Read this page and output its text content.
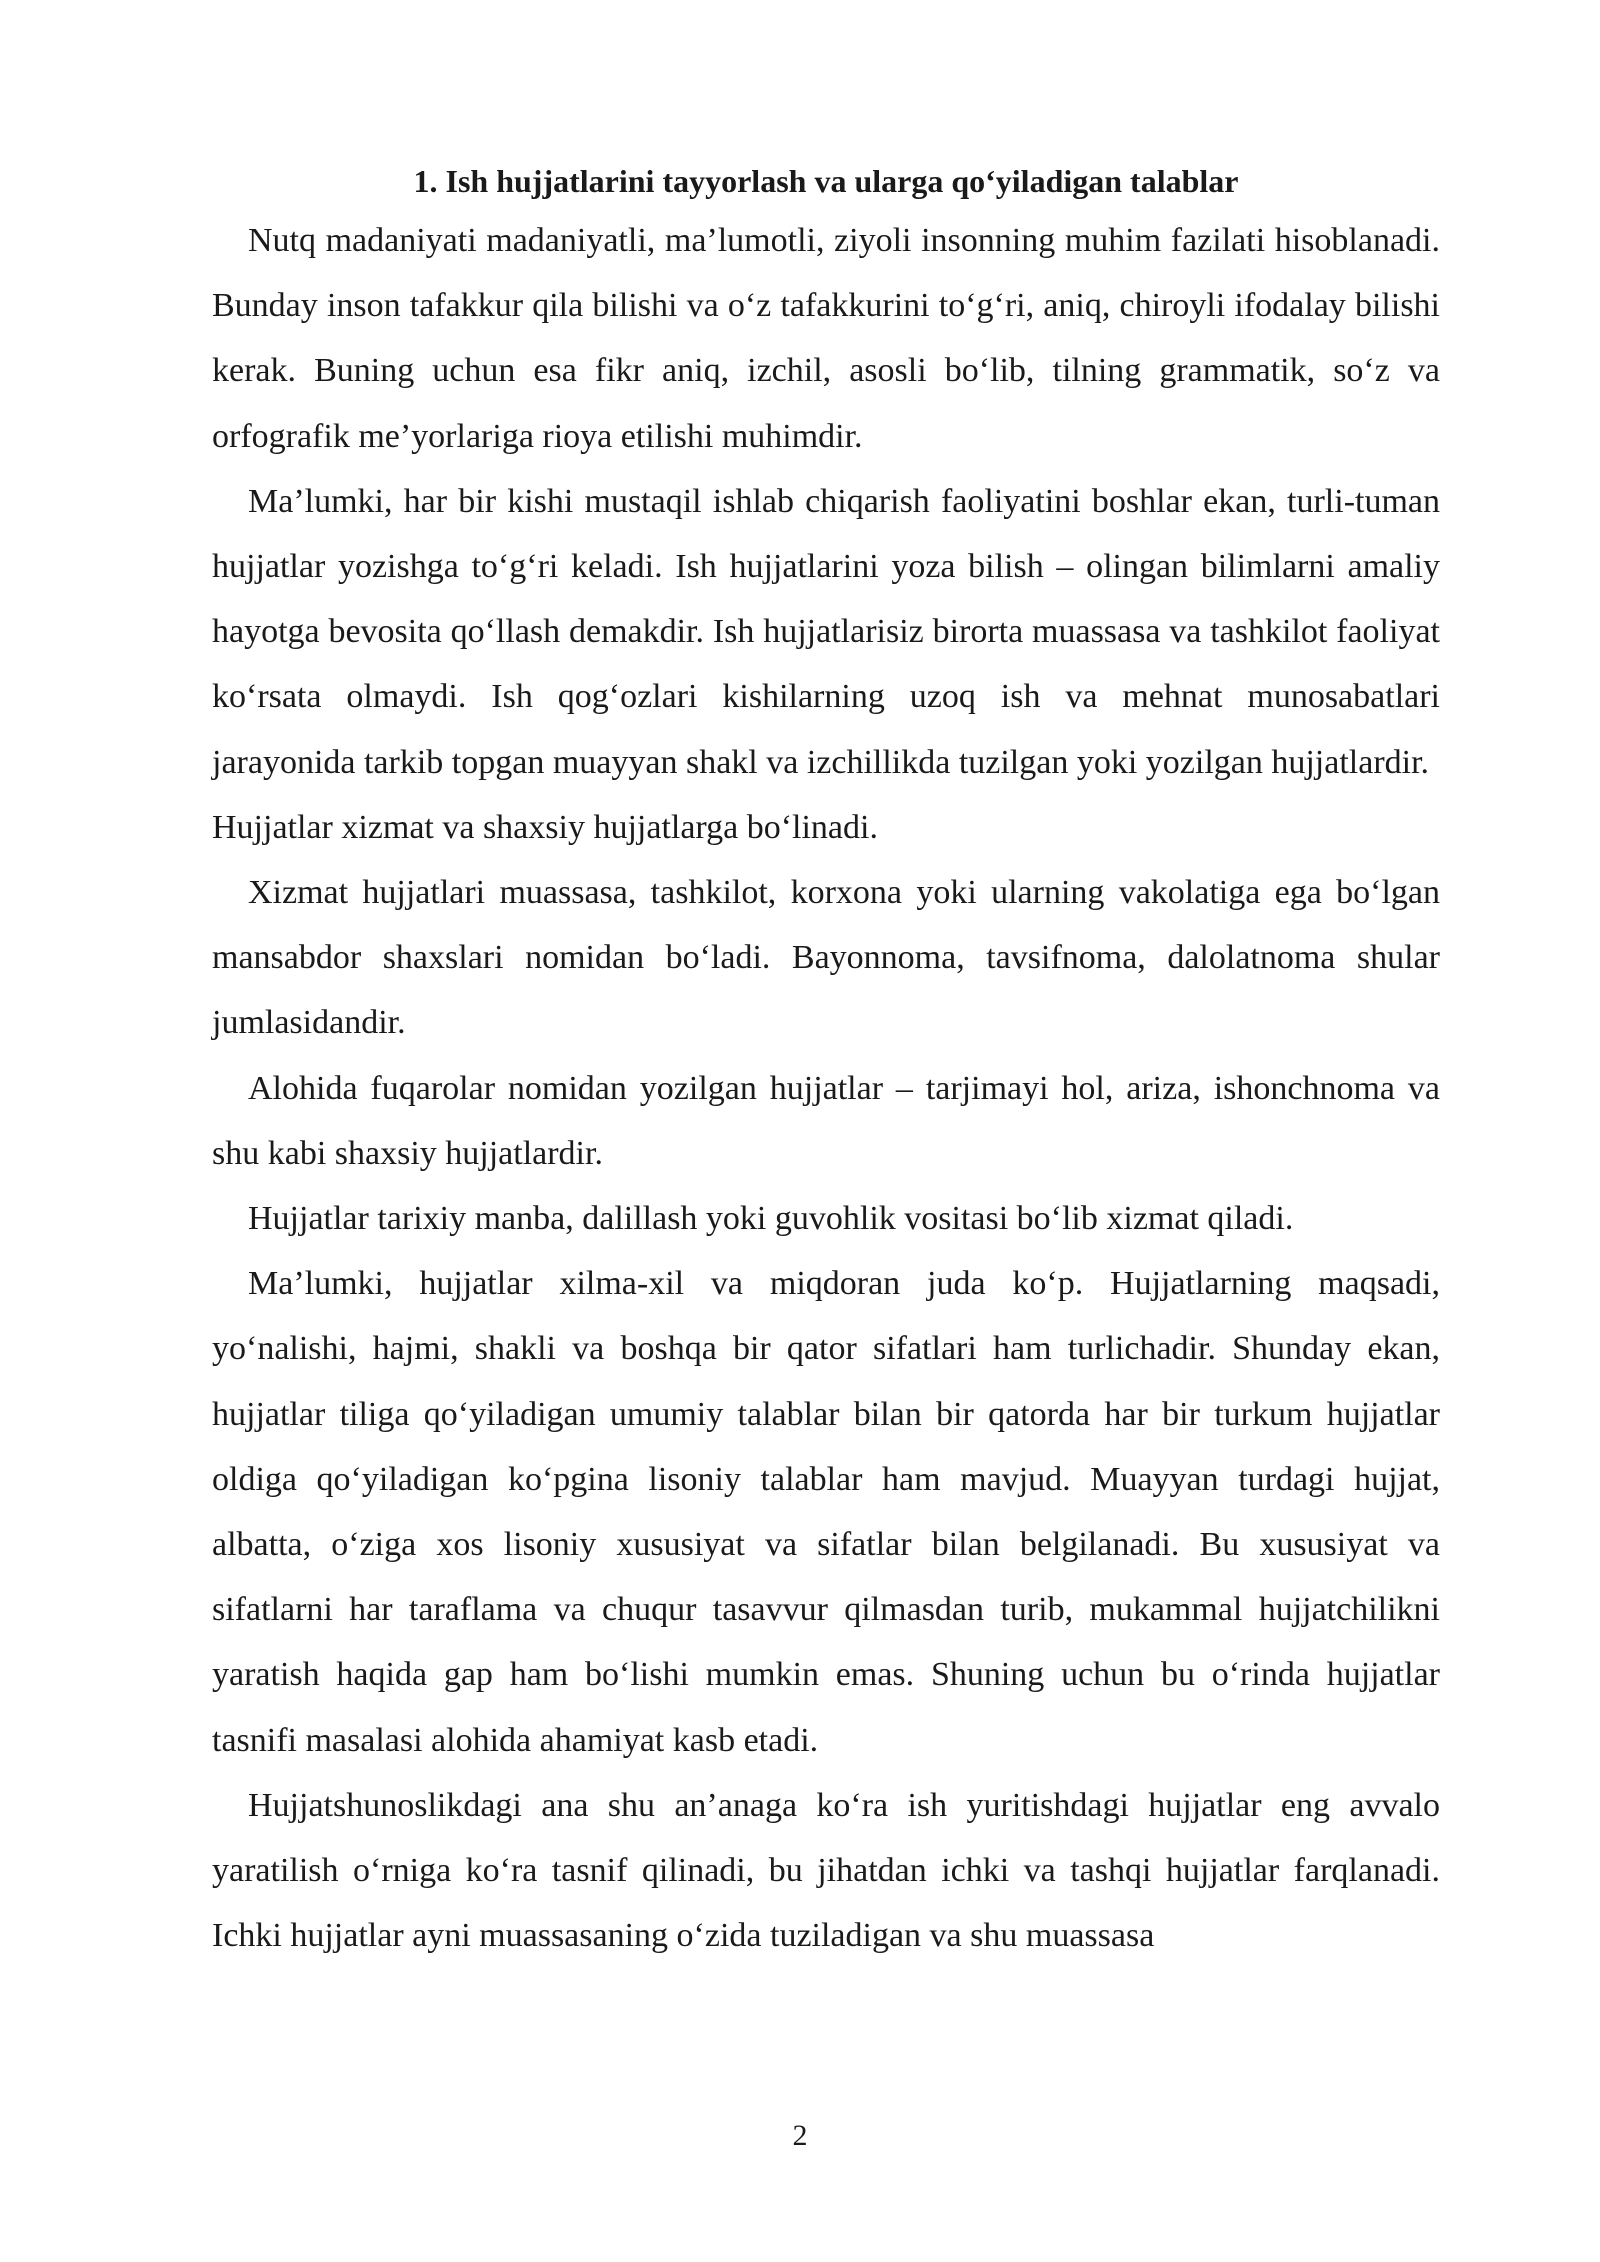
1. Ish hujjatlarini tayyorlash va ularga qo‘yiladigan talablar

Nutq madaniyati madaniyatli, ma’lumotli, ziyoli insonning muhim fazilati hisoblanadi. Bunday inson tafakkur qila bilishi va o‘z tafakkurini to‘g‘ri, aniq, chiroyli ifodalay bilishi kerak. Buning uchun esa fikr aniq, izchil, asosli bo‘lib, tilning grammatik, so‘z va orfografik me’yorlariga rioya etilishi muhimdir.

Ma’lumki, har bir kishi mustaqil ishlab chiqarish faoliyatini boshlar ekan, turli-tuman hujjatlar yozishga to‘g‘ri keladi. Ish hujjatlarini yoza bilish – olingan bilimlarni amaliy hayotga bevosita qo‘llash demakdir. Ish hujjatlarisiz birorta muassasa va tashkilot faoliyat ko‘rsata olmaydi. Ish qog‘ozlari kishilarning uzoq ish va mehnat munosabatlari jarayonida tarkib topgan muayyan shakl va izchillikda tuzilgan yoki yozilgan hujjatlardir.

Hujjatlar xizmat va shaxsiy hujjatlarga bo‘linadi.

Xizmat hujjatlari muassasa, tashkilot, korxona yoki ularning vakolatiga ega bo‘lgan mansabdor shaxslari nomidan bo‘ladi. Bayonnoma, tavsifnoma, dalolatnoma shular jumlasidandir.

Alohida fuqarolar nomidan yozilgan hujjatlar – tarjimayi hol, ariza, ishonchnoma va shu kabi shaxsiy hujjatlardir.

Hujjatlar tarixiy manba, dalillash yoki guvohlik vositasi bo‘lib xizmat qiladi.

Ma’lumki, hujjatlar xilma-xil va miqdoran juda ko‘p. Hujjatlarning maqsadi, yo‘nalishi, hajmi, shakli va boshqa bir qator sifatlari ham turlichadir. Shunday ekan, hujjatlar tiliga qo‘yiladigan umumiy talablar bilan bir qatorda har bir turkum hujjatlar oldiga qo‘yiladigan ko‘pgina lisoniy talablar ham mavjud. Muayyan turdagi hujjat, albatta, o‘ziga xos lisoniy xususiyat va sifatlar bilan belgilanadi. Bu xususiyat va sifatlarni har taraflama va chuqur tasavvur qilmasdan turib, mukammal hujjatchilikni yaratish haqida gap ham bo‘lishi mumkin emas. Shuning uchun bu o‘rinda hujjatlar tasnifi masalasi alohida ahamiyat kasb etadi.

Hujjatshunoslikdagi ana shu an’anaga ko‘ra ish yuritishdagi hujjatlar eng avvalo yaratilish o‘rniga ko‘ra tasnif qilinadi, bu jihatdan ichki va tashqi hujjatlar farqlanadi. Ichki hujjatlar ayni muassasaning o‘zida tuziladigan va shu muassasa

2
